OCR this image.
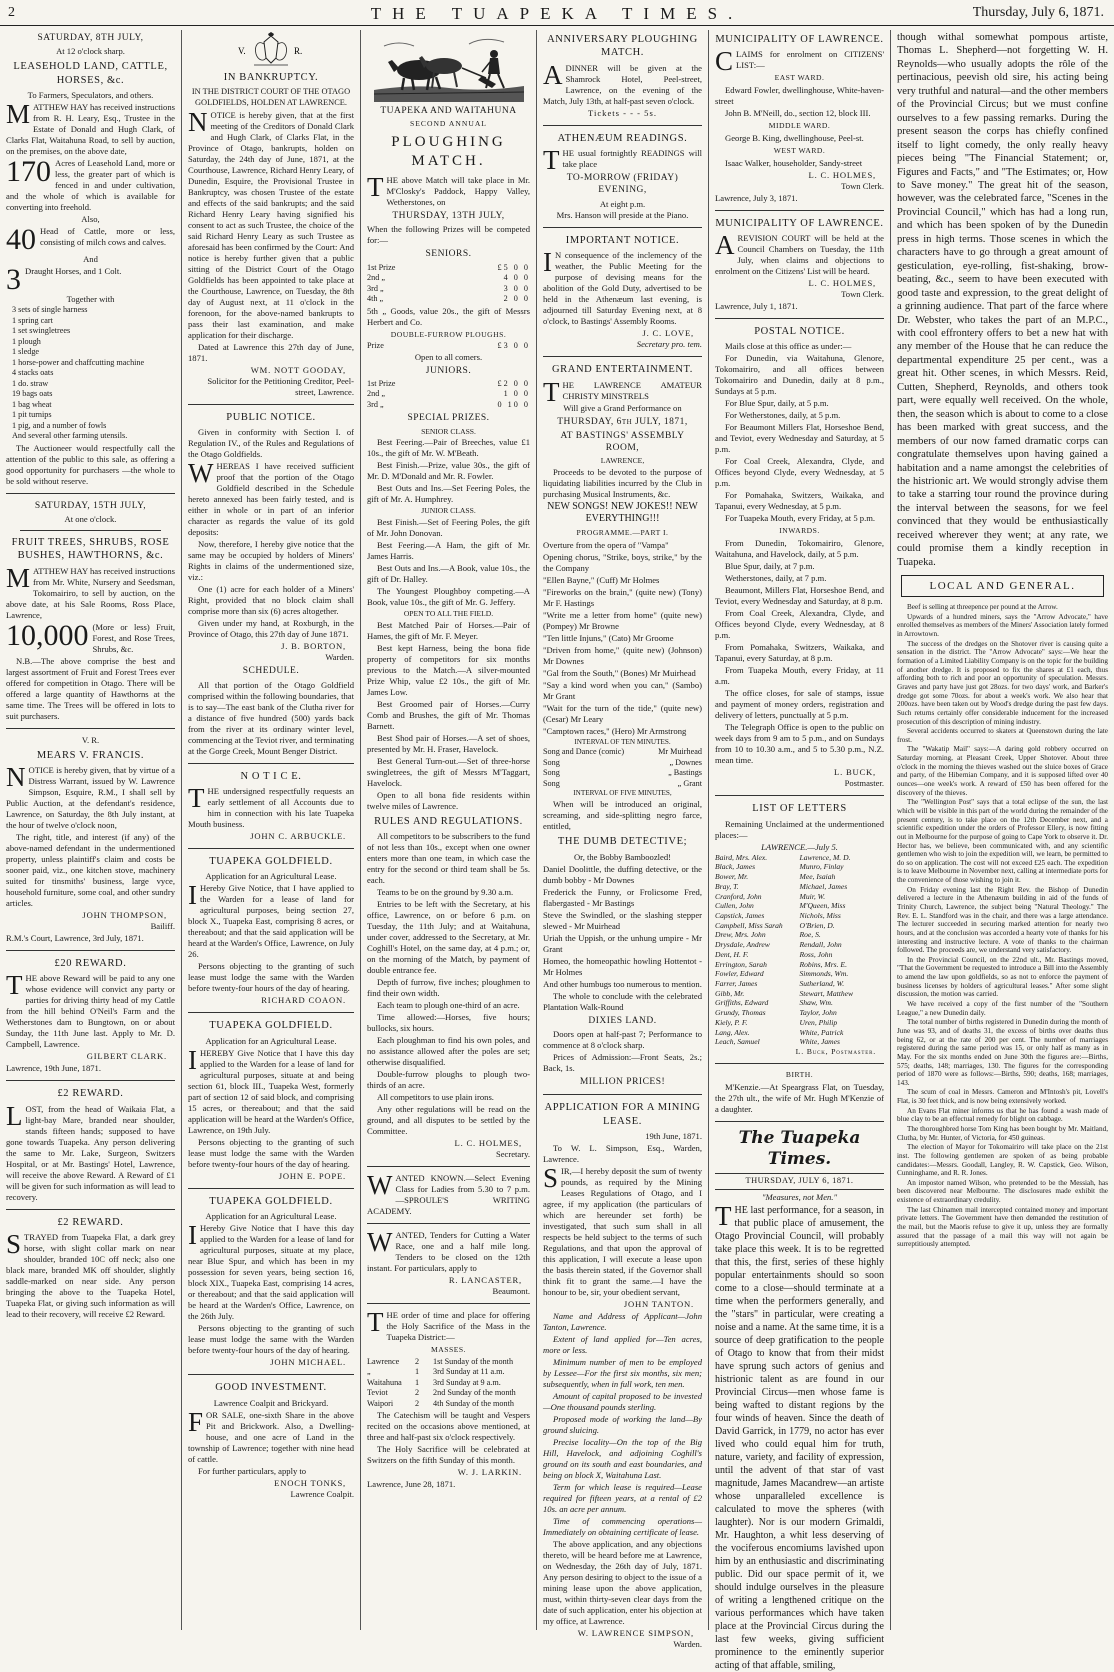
2	THE TUAPEKA TIMES.	Thursday, July 6, 1871.
SATURDAY, 8TH JULY,
At 12 o'clock sharp.
LEASEHOLD LAND, CATTLE, HORSES, &c.
To Farmers, Speculators, and others.

MATTHEW HAY has received instructions from R. H. Leary, Esq., Trustee in the Estate of Donald and Hugh Clark, of Clarks Flat, Waitahuna Road, to sell by auction, on the premises, on the above date,

170 Acres of Leasehold Land, more or less, the greater part of which is fenced in and under cultivation, and the whole of which is available for converting into freehold.

Also,

40 Head of Cattle, more or less, consisting of milch cows and calves.

And

3 Draught Horses, and 1 Colt.

Together with
3 sets of single harness
1 spring cart
1 set swingletrees
1 plough
1 sledge
1 horse-power and chaffcutting machine
4 stacks oats
1 do. straw
19 bags oats
1 bag wheat
1 pit turnips
1 pig, and a number of fowls
And several other farming utensils.

The Auctioneer would respectfully call the attention of the public to this sale, as offering a good opportunity for purchasers —the whole to be sold without reserve.

SATURDAY, 15TH JULY,
At one o'clock.
FRUIT TREES, SHRUBS, ROSE BUSHES, HAWTHORNS, &c.

MATTHEW HAY has received instructions from Mr. White, Nursery and Seedsman, Tokomairiro, to sell by auction, on the above date, at his Sale Rooms, Ross Place, Lawrence,

10,000 (More or less) Fruit, Forest, and Rose Trees, Shrubs, &c.

N.B.—The above comprise the best and largest assortment of Fruit and Forest Trees ever offered for competition in Otago. There will be offered a large quantity of Hawthorns at the same time. The Trees will be offered in lots to suit purchasers.

V. R.
MEARS V. FRANCIS.

NOTICE is hereby given, that by virtue of a Distress Warrant, issued by W. Lawrence Simpson, Esquire, R.M., I shall sell by Public Auction, at the defendant's residence, Lawrence, on Saturday, the 8th July instant, at the hour of twelve o'clock noon,

The right, title, and interest (if any) of the above-named defendant in the undermentioned property, unless plaintiff's claim and costs be sooner paid, viz., one kitchen stove, machinery suited for tinsmiths' business, large vyce, household furniture, some coal, and other sundry articles.

JOHN THOMPSON,
Bailiff.

R.M.'s Court, Lawrence, 3rd July, 1871.

£20 REWARD.

THE above Reward will be paid to any one whose evidence will convict any party or parties for driving thirty head of my Cattle from the hill behind O'Neil's Farm and the Wetherstones dam to Bungtown, on or about Sunday, the 11th June last. Apply to Mr. D. Campbell, Lawrence.

GILBERT CLARK.

Lawrence, 19th June, 1871.

£2 REWARD.

LOST, from the head of Waikaia Flat, a light-bay Mare, branded near shoulder, stands fifteen hands; supposed to have gone towards Tuapeka. Any person delivering the same to Mr. Lake, Surgeon, Switzers Hospital, or at Mr. Bastings' Hotel, Lawrence, will receive the above Reward. A Reward of £1 will be given for such information as will lead to recovery.

£2 REWARD.

STRAYED from Tuapeka Flat, a dark grey horse, with slight collar mark on near shoulder, branded 10C off neck; also one black mare, branded MK off shoulder, slightly saddle-marked on near side. Any person bringing the above to the Tuapeka Hotel, Tuapeka Flat, or giving such information as will lead to their recovery, will receive £2 Reward.

V.	R.
IN BANKRUPTCY.
IN THE DISTRICT COURT OF THE OTAGO GOLDFIELDS, HOLDEN AT LAWRENCE.

NOTICE is hereby given, that at the first meeting of the Creditors of Donald Clark and Hugh Clark, of Clarks Flat, in the Province of Otago, bankrupts, holden on Saturday, the 24th day of June, 1871, at the Courthouse, Lawrence, Richard Henry Leary, of Dunedin, Esquire, the Provisional Trustee in Bankruptcy, was chosen Trustee of the estate and effects of the said bankrupts; and the said Richard Henry Leary having signified his consent to act as such Trustee, the choice of the said Richard Henry Leary as such Trustee as aforesaid has been confirmed by the Court: And notice is hereby further given that a public sitting of the District Court of the Otago Goldfields has been appointed to take place at the Courthouse, Lawrence, on Tuesday, the 8th day of August next, at 11 o'clock in the forenoon, for the above-named bankrupts to pass their last examination, and make application for their discharge.

Dated at Lawrence this 27th day of June, 1871.

WM. NOTT GOODAY,
Solicitor for the Petitioning Creditor, Peel-street, Lawrence.
PUBLIC NOTICE.

Given in conformity with Section I. of Regulation IV., of the Rules and Regulations of the Otago Goldfields.

WHEREAS I have received sufficient proof that the portion of the Otago Goldfield described in the Schedule hereto annexed has been fairly tested, and is either in whole or in part of an inferior character as regards the value of its gold deposits:

Now, therefore, I hereby give notice that the same may be occupied by holders of Miners' Rights in claims of the undermentioned size, viz.:

One (1) acre for each holder of a Miners' Right, provided that no block claim shall comprise more than six (6) acres altogether.

Given under my hand, at Roxburgh, in the Province of Otago, this 27th day of June 1871.

J. B. BORTON,
Warden.
SCHEDULE.

All that portion of the Otago Goldfield comprised within the following boundaries, that is to say—The east bank of the Clutha river for a distance of five hundred (500) yards back from the river at its ordinary winter level, commencing at the Teviot river, and terminating at the Gorge Creek, Mount Benger District.

N O T I C E.

THE undersigned respectfully requests an early settlement of all Accounts due to him in connection with his late Tuapeka Mouth business.

JOHN C. ARBUCKLE.
TUAPEKA GOLDFIELD.
Application for an Agricultural Lease.

IHereby Give Notice, that I have applied to the Warden for a lease of land for agricultural purposes, being section 27, block X., Tuapeka East, comprising 8 acres, or thereabout; and that the said application will be heard at the Warden's Office, Lawrence, on July 26.

Persons objecting to the granting of such lease must lodge the same with the Warden before twenty-four hours of the day of hearing.

RICHARD COAON.
TUAPEKA GOLDFIELD.
Application for an Agricultural Lease.

IHEREBY Give Notice that I have this day applied to the Warden for a lease of land for agricultural purposes, situate at and being section 61, block III., Tuapeka West, formerly part of section 12 of said block, and comprising 15 acres, or thereabout; and that the said application will be heard at the Warden's Office, Lawrence, on 19th July.

Persons objecting to the granting of such lease must lodge the same with the Warden before twenty-four hours of the day of hearing.

JOHN E. POPE.
TUAPEKA GOLDFIELD.
Application for an Agricultural Lease.

IHereby Give Notice that I have this day applied to the Warden for a lease of land for agricultural purposes, situate at my place, near Blue Spur, and which has been in my possession for seven years, being section 16, block XIX., Tuapeka East, comprising 14 acres, or thereabout; and that the said application will be heard at the Warden's Office, Lawrence, on the 26th July.

Persons objecting to the granting of such lease must lodge the same with the Warden before twenty-four hours of the day of hearing.

JOHN MICHAEL.
GOOD INVESTMENT.
Lawrence Coalpit and Brickyard.

FOR SALE, one-sixth Share in the above Pit and Brickwork. Also, a Dwelling-house, and one acre of Land in the township of Lawrence; together with nine head of cattle.

For further particulars, apply to

ENOCH TONKS,
Lawrence Coalpit.
TUAPEKA AND WAITAHUNA
SECOND ANNUAL
PLOUGHING MATCH.

THE above Match will take place in Mr. M'Closky's Paddock, Happy Valley, Wetherstones, on

THURSDAY, 13TH JULY,

When the following Prizes will be competed for:—

SENIORS.
1st Prize	£5 0 0
2nd „	4 0 0
3rd „	3 0 0
4th „	2 0 0

5th „ Goods, value 20s., the gift of Messrs Herbert and Co.

DOUBLE-FURROW PLOUGHS.
Prize	£3 0 0
Open to all comers.
JUNIORS.
1st Prize	£2 0 0
2nd „	1 0 0
3rd „	0 10 0
SPECIAL PRIZES.
SENIOR CLASS.

Best Feering.—Pair of Breeches, value £1 10s., the gift of Mr. W. M'Beath.

Best Finish.—Prize, value 30s., the gift of Mr. D. M'Donald and Mr. R. Fowler.

Best Outs and Ins.—Set Feering Poles, the gift of Mr. A. Humphrey.

JUNIOR CLASS.

Best Finish.—Set of Feering Poles, the gift of Mr. John Donovan.

Best Feering.—A Ham, the gift of Mr. James Harris.

Best Outs and Ins.—A Book, value 10s., the gift of Dr. Halley.

The Youngest Ploughboy competing.—A Book, value 10s., the gift of Mr. G. Jeffery.

OPEN TO ALL THE FIELD.

Best Matched Pair of Horses.—Pair of Hames, the gift of Mr. F. Meyer.

Best kept Harness, being the bona fide property of competitors for six months previous to the Match.—A silver-mounted Prize Whip, value £2 10s., the gift of Mr. James Low.

Best Groomed pair of Horses.—Curry Comb and Brushes, the gift of Mr. Thomas Barnett.

Best Shod pair of Horses.—A set of shoes, presented by Mr. H. Fraser, Havelock.

Best General Turn-out.—Set of three-horse swingletrees, the gift of Messrs M'Taggart, Havelock.

Open to all bona fide residents within twelve miles of Lawrence.

RULES AND REGULATIONS.

All competitors to be subscribers to the fund of not less than 10s., except when one owner enters more than one team, in which case the entry for the second or third team shall be 5s. each.

Teams to be on the ground by 9.30 a.m.

Entries to be left with the Secretary, at his office, Lawrence, on or before 6 p.m. on Tuesday, the 11th July; and at Waitahuna, under cover, addressed to the Secretary, at Mr. Coghill's Hotel, on the same day, at 4 p.m.; or, on the morning of the Match, by payment of double entrance fee.

Depth of furrow, five inches; ploughmen to find their own width.

Each team to plough one-third of an acre.

Time allowed:—Horses, five hours; bullocks, six hours.

Each ploughman to find his own poles, and no assistance allowed after the poles are set; otherwise disqualified.

Double-furrow ploughs to plough two-thirds of an acre.

All competitors to use plain irons.

Any other regulations will be read on the ground, and all disputes to be settled by the Committee.

L. C. HOLMES,
Secretary.

WANTED KNOWN.—Select Evening Class for Ladies from 5.30 to 7 p.m. —SPROULE'S WRITING ACADEMY.

WANTED, Tenders for Cutting a Water Race, one and a half mile long. Tenders to be closed on the 12th instant. For particulars, apply to

R. LANCASTER,
Beaumont.

THE order of time and place for offering the Holy Sacrifice of the Mass in the Tuapeka District:—

MASSES.
Lawrence	2	1st Sunday of the month
„	1	3rd Sunday at 11 a.m.
Waitahuna	1	3rd Sunday at 9 a.m.
Teviot	2	2nd Sunday of the month
Waipori	2	4th Sunday of the month

The Catechism will be taught and Vespers recited on the occasions above mentioned, at three and half-past six o'clock respectively.

The Holy Sacrifice will be celebrated at Switzers on the fifth Sunday of this month.

W. J. LARKIN.

Lawrence, June 28, 1871.

ANNIVERSARY PLOUGHING MATCH.

ADINNER will be given at the Shamrock Hotel, Peel-street, Lawrence, on the evening of the Match, July 13th, at half-past seven o'clock.

Tickets - - - 5s.
ATHENÆUM READINGS.

THE usual fortnightly READINGS will take place

TO-MORROW (FRIDAY) EVENING,
At eight p.m.
Mrs. Hanson will preside at the Piano.
IMPORTANT NOTICE.

IN consequence of the inclemency of the weather, the Public Meeting for the purpose of devising means for the abolition of the Gold Duty, advertised to be held in the Athenæum last evening, is adjourned till Saturday Evening next, at 8 o'clock, to Bastings' Assembly Rooms.

J. C. LOVE,
Secretary pro. tem.
GRAND ENTERTAINMENT.

THE LAWRENCE AMATEUR CHRISTY MINSTRELS

Will give a Grand Performance on
THURSDAY, 6th JULY, 1871,
AT BASTINGS' ASSEMBLY ROOM,
LAWRENCE,

Proceeds to be devoted to the purpose of liquidating liabilities incurred by the Club in purchasing Musical Instruments, &c.

NEW SONGS! NEW JOKES!! NEW EVERYTHING!!!
PROGRAMME.—PART I.

Overture from the opera of "Vampa"

Opening chorus, "Strike, boys, strike," by the the Company

"Ellen Bayne," (Cuff) Mr Holmes

"Fireworks on the brain," (quite new) (Tony) Mr F. Hastings

"Write me a letter from home" (quite new) (Pompey) Mr Browne

"Ten little Injuns," (Cato) Mr Groome

"Driven from home," (quite new) (Johnson) Mr Downes

"Gal from the South," (Bones) Mr Muirhead

"Say a kind word when you can," (Sambo) Mr Grant

"Wait for the turn of the tide," (quite new) (Cesar) Mr Leary

"Camptown races," (Hero) Mr Armstrong

INTERVAL OF TEN MINUTES.
Song and Dance (comic)	Mr Muirhead
Song	„ Downes
Song	„ Bastings
Song	„ Grant
INTERVAL OF FIVE MINUTES,

When will be introduced an original, screaming, and side-splitting negro farce, entitled,

THE DUMB DETECTIVE;
Or, the Bobby Bamboozled!

Daniel Doolittle, the duffing detective, or the dumb bobby - Mr Downes

Frederick the Funny, or Frolicsome Fred, flabergasted - Mr Bastings

Steve the Swindled, or the slashing stepper slewed - Mr Muirhead

Uriah the Uppish, or the unhung umpire - Mr Grant

Homeo, the homeopathic howling Hottentot - Mr Holmes

And other humbugs too numerous to mention.

The whole to conclude with the celebrated Plantation Walk-Round

DIXIES LAND.

Doors open at half-past 7; Performance to commence at 8 o'clock sharp.

Prices of Admission:—Front Seats, 2s.; Back, 1s.

MILLION PRICES!
APPLICATION FOR A MINING LEASE.
19th June, 1871.

To W. L. Simpson, Esq., Warden, Lawrence.

SIR,—I hereby deposit the sum of twenty pounds, as required by the Mining Leases Regulations of Otago, and I agree, if my application (the particulars of which are hereunder set forth) be investigated, that such sum shall in all respects be held subject to the terms of such Regulations, and that upon the approval of this application, I will execute a lease upon the basis therein stated, if the Governor shall think fit to grant the same.—I have the honour to be, sir, your obedient servant,

JOHN TANTON.

Name and Address of Applicant—John Tanton, Lawrence.

Extent of land applied for—Ten acres, more or less.

Minimum number of men to be employed by Lessee—For the first six months, six men; subsequently, when in full work, ten men.

Amount of capital proposed to be invested—One thousand pounds sterling.

Proposed mode of working the land—By ground sluicing.

Precise locality—On the top of the Big Hill, Havelock, and adjoining Coghill's ground on its south and east boundaries, and being on block X, Waitahuna Last.

Term for which lease is required—Lease required for fifteen years, at a rental of £2 10s. an acre per annum.

Time of commencing operations—Immediately on obtaining certificate of lease.

The above application, and any objections thereto, will be heard before me at Lawrence, on Wednesday, the 26th day of July, 1871. Any person desiring to object to the issue of a mining lease upon the above application, must, within thirty-seven clear days from the date of such application, enter his objection at my office, at Lawrence.

W. LAWRENCE SIMPSON,
Warden.
MUNICIPALITY OF LAWRENCE.

CLAIMS for enrolment on CITIZENS' LIST:—

EAST WARD.

Edward Fowler, dwellinghouse, White-haven-street

John B. M'Neill, do., section 12, block III.

MIDDLE WARD.

George B. King, dwellinghouse, Peel-st.

WEST WARD.

Isaac Walker, householder, Sandy-street

L. C. HOLMES,
Town Clerk.

Lawrence, July 3, 1871.

MUNICIPALITY OF LAWRENCE.

AREVISION COURT will be held at the Council Chambers on Tuesday, the 11th July, when claims and objections to enrolment on the Citizens' List will be heard.

L. C. HOLMES,
Town Clerk.

Lawrence, July 1, 1871.

POSTAL NOTICE.

Mails close at this office as under:—

For Dunedin, via Waitahuna, Glenore, Tokomairiro, and all offices between Tokomairiro and Dunedin, daily at 8 p.m., Sundays at 5 p.m.

For Blue Spur, daily, at 5 p.m.

For Wetherstones, daily, at 5 p.m.

For Beaumont Millers Flat, Horseshoe Bend, and Teviot, every Wednesday and Saturday, at 5 p.m.

For Coal Creek, Alexandra, Clyde, and Offices beyond Clyde, every Wednesday, at 5 p.m.

For Pomahaka, Switzers, Waikaka, and Tapanui, every Wednesday, at 5 p.m.

For Tuapeka Mouth, every Friday, at 5 p.m.

INWARDS.

From Dunedin, Tokomairiro, Glenore, Waitahuna, and Havelock, daily, at 5 p.m.

Blue Spur, daily, at 7 p.m.

Wetherstones, daily, at 7 p.m.

Beaumont, Millers Flat, Horseshoe Bend, and Teviot, every Wednesday and Saturday, at 8 p.m.

From Coal Creek, Alexandra, Clyde, and Offices beyond Clyde, every Wednesday, at 8 p.m.

From Pomahaka, Switzers, Waikaka, and Tapanui, every Saturday, at 8 p.m.

From Tuapeka Mouth, every Friday, at 11 a.m.

The office closes, for sale of stamps, issue and payment of money orders, registration and delivery of letters, punctually at 5 p.m.

The Telegraph Office is open to the public on week days from 9 am to 5 p.m., and on Sundays from 10 to 10.30 a.m., and 5 to 5.30 p.m., N.Z. mean time.

L. BUCK,
Postmaster.
LIST OF LETTERS

Remaining Unclaimed at the undermentioned places:—

LAWRENCE.—July 5.
Baird, Mrs. Alex.
Black, James
Bower, Mr.
Bray, T.
Cranford, John
Cullen, John
Capstick, James
Campbell, Miss Sarah
Drew, Mrs. John
Drysdale, Andrew
Dent, H. F.
Errington, Sarah
Fowler, Edward
Farrer, James
Gibb, Mr.
Griffiths, Edward
Grundy, Thomas
Kiely, P. F.
Lang, Alex.
Leach, Samuel
Lawrence, M. D.
Munro, Finlay
Mee, Isaiah
Michael, James
Muir, W.
M'Queen, Miss
Nichols, Miss
O'Brien, D.
Roe, S.
Rendall, John
Ross, John
Robins, Mrs. E.
Simmonds, Wm.
Sutherland, W.
Stewart, Matthew
Shaw, Wm.
Taylor, John
Uren, Philip
White, Patrick
White, James
L. Buck, Postmaster.
BIRTH.

M'Kenzie.—At Speargrass Flat, on Tuesday, the 27th ult., the wife of Mr. Hugh M'Kenzie of a daughter.

The Tuapeka Times.
THURSDAY, JULY 6, 1871.
"Measures, not Men."

THE last performance, for a season, in that public place of amusement, the Otago Provincial Council, will probably take place this week. It is to be regretted that this, the first, series of these highly popular entertainments should so soon come to a close—should terminate at a time when the performers generally, and the "stars" in particular, were creating a noise and a name. At the same time, it is a source of deep gratification to the people of Otago to know that from their midst have sprung such actors of genius and histrionic talent as are found in our Provincial Circus—men whose fame is being wafted to distant regions by the four winds of heaven. Since the death of David Garrick, in 1779, no actor has ever lived who could equal him for truth, nature, variety, and facility of expression, until the advent of that star of vast magnitude, James Macandrew—an artiste whose unparalleled excellence is calculated to move the spheres (with laughter). Nor is our modern Grimaldi, Mr. Haughton, a whit less deserving of the vociferous encomiums lavished upon him by an enthusiastic and discriminating public. Did our space permit of it, we should indulge ourselves in the pleasure of writing a lengthened critique on the various performances which have taken place at the Provincial Circus during the last few weeks, giving sufficient prominence to the eminently superior acting of that affable, smiling,

though withal somewhat pompous artiste, Thomas L. Shepherd—not forgetting W. H. Reynolds—who usually adopts the rôle of the pertinacious, peevish old sire, his acting being very truthful and natural—and the other members of the Provincial Circus; but we must confine ourselves to a few passing remarks. During the present season the corps has chiefly confined itself to light comedy, the only really heavy pieces being "The Financial Statement; or, Figures and Facts," and "The Estimates; or, How to Save money." The great hit of the season, however, was the celebrated farce, "Scenes in the Provincial Council," which has had a long run, and which has been spoken of by the Dunedin press in high terms. Those scenes in which the characters have to go through a great amount of gesticulation, eye-rolling, fist-shaking, brow-beating, &c., seem to have been executed with good taste and expression, to the great delight of a grinning audience. That part of the farce where Dr. Webster, who takes the part of an M.P.C., with cool effrontery offers to bet a new hat with any member of the House that he can reduce the departmental expenditure 25 per cent., was a great hit. Other scenes, in which Messrs. Reid, Cutten, Shepherd, Reynolds, and others took part, were equally well received. On the whole, then, the season which is about to come to a close has been marked with great success, and the members of our now famed dramatic corps can congratulate themselves upon having gained a habitation and a name amongst the celebrities of the histrionic art. We would strongly advise them to take a starring tour round the province during the interval between the seasons, for we feel convinced that they would be enthusiastically received wherever they went; at any rate, we could promise them a kindly reception in Tuapeka.

LOCAL AND GENERAL.

Beef is selling at threepence per pound at the Arrow.

Upwards of a hundred miners, says the "Arrow Advocate," have enrolled themselves as members of the Miners' Association lately formed in Arrowtown.

The success of the dredges on the Shotover river is causing quite a sensation in the district. The "Arrow Advocate" says:—We hear the formation of a Limited Liability Company is on the topic for the building of another dredge. It is proposed to fix the shares at £1 each, thus affording both to rich and poor an opportunity of speculation. Messrs. Graves and party have just got 28ozs. for two days' work, and Barker's dredge got some 70ozs. for about a week's work. We also hear that 200ozs. have been taken out by Wood's dredge during the past few days. Such returns certainly offer considerable inducement for the increased prosecution of this description of mining industry.

Several accidents occurred to skaters at Queenstown during the late frost.

The "Wakatip Mail" says:—A daring gold robbery occurred on Saturday morning, at Pleasant Creek, Upper Shotover. About three o'clock in the morning the thieves washed out the sluice boxes of Grace and party, of the Hibernian Company, and it is supposed lifted over 40 ounces—one week's work. A reward of £50 has been offered for the discovery of the thieves.

The "Wellington Post" says that a total eclipse of the sun, the last which will be visible in this part of the world during the remainder of the present century, is to take place on the 12th December next, and a scientific expedition under the orders of Professor Ellery, is now fitting out in Melbourne for the purpose of going to Cape York to observe it. Dr. Hector has, we believe, been communicated with, and any scientific gentlemen who wish to join the expedition will, we learn, be permitted to do so on application. The cost will not exceed £25 each. The expedition is to leave Melbourne in November next, calling at intermediate ports for the convenience of those wishing to join it.

On Friday evening last the Right Rev. the Bishop of Dunedin delivered a lecture in the Athenæum building in aid of the funds of Trinity Church, Lawrence, the subject being "Natural Theology." The Rev. E. L. Standford was in the chair, and there was a large attendance. The lecturer succeeded in securing marked attention for nearly two hours, and at the conclusion was accorded a hearty vote of thanks for his interesting and instructive lecture. A vote of thanks to the chairman followed. The proceeds are, we understand very satisfactory.

In the Provincial Council, on the 22nd ult., Mr. Bastings moved, "That the Government be requested to introduce a Bill into the Assembly to amend the law upon goldfields, so as not to enforce the payment of business licenses by holders of agricultural leases." After some slight discussion, the motion was carried.

We have received a copy of the first number of the "Southern League," a new Dunedin daily.

The total number of births registered in Dunedin during the month of June was 93, and of deaths 31, the excess of births over deaths thus being 62, or at the rate of 200 per cent. The number of marriages registered during the same period was 15, or only half as many as in May. For the six months ended on June 30th the figures are:—Births, 575; deaths, 148; marriages, 130. The figures for the corresponding period of 1870 were as follows:—Births, 590; deaths, 168; marriages, 143.

The scum of coal in Messrs. Cameron and M'Intosh's pit, Lovell's Flat, is 30 feet thick, and is now being extensively worked.

An Evans Flat miner informs us that he has found a wash made of blue clay to be an effectual remedy for blight on cabbage.

The thoroughbred horse Tom King has been bought by Mr. Maitland, Clutha, by Mr. Hunter, of Victoria, for 450 guineas.

The election of Mayor for Tokomairiro will take place on the 21st inst. The following gentlemen are spoken of as being probable candidates:—Messrs. Goodall, Langley, R. W. Capstick, Geo. Wilson, Cunninghame, and R. R. Jones.

An impostor named Wilson, who pretended to be the Messiah, has been discovered near Melbourne. The disclosures made exhibit the existence of extraordinary credulity.

The last Chinamen mail intercepted contained money and important private letters. The Government have then demanded the restitution of the mail, but the Maoris refuse to give it up, unless they are formally assured that the passage of a mail this way will not again be surreptitiously attempted.
